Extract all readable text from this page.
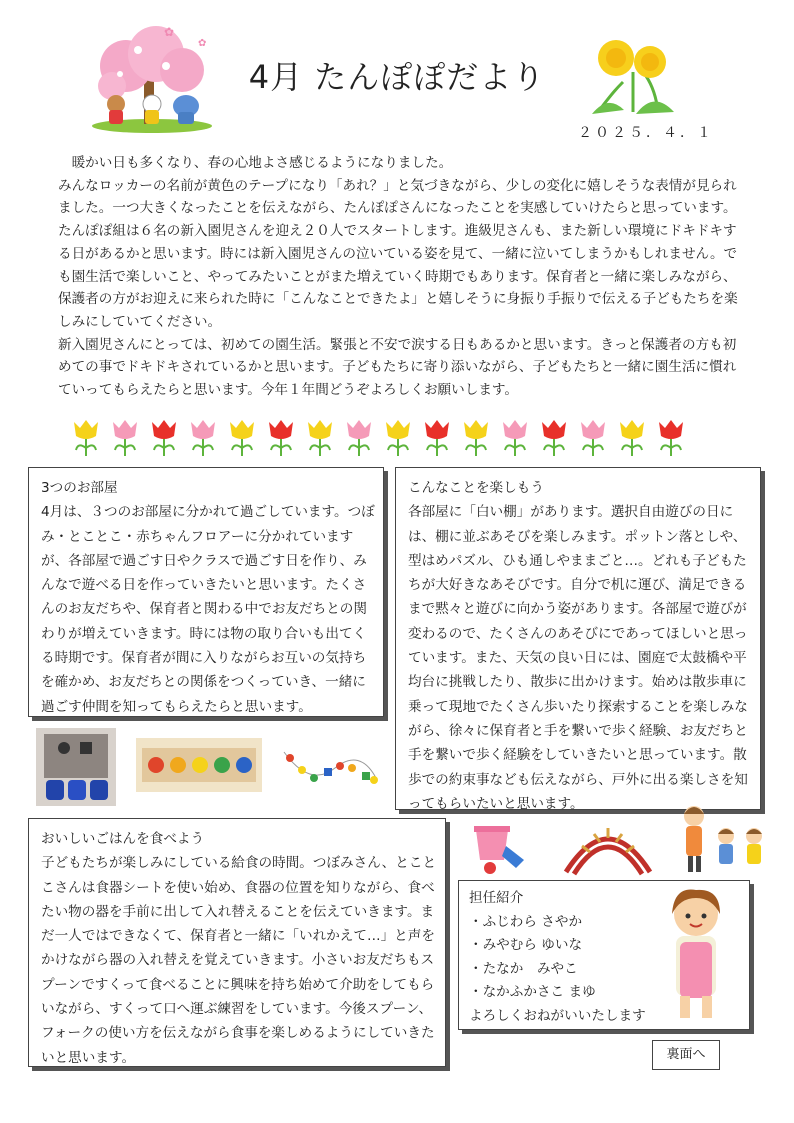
✿
✿
4月 たんぽぽだより
２０２５．４．１

　暖かい日も多くなり、春の心地よさ感じるようになりました。
みんなロッカーの名前が黄色のテープになり「あれ？」と気づきながら、少しの変化に嬉しそうな表情が見られました。一つ大きくなったことを伝えながら、たんぽぽさんになったことを実感していけたらと思っています。たんぽぽ組は６名の新入園児さんを迎え２０人でスタートします。進級児さんも、また新しい環境にドキドキする日があるかと思います。時には新入園児さんの泣いている姿を見て、一緒に泣いてしまうかもしれません。でも園生活で楽しいこと、やってみたいことがまた増えていく時期でもあります。保育者と一緒に楽しみながら、保護者の方がお迎えに来られた時に「こんなことできたよ」と嬉しそうに身振り手振りで伝える子どもたちを楽しみにしていてください。

新入園児さんにとっては、初めての園生活。緊張と不安で涙する日もあるかと思います。きっと保護者の方も初めての事でドキドキされているかと思います。子どもたちに寄り添いながら、子どもたちと一緒に園生活に慣れていってもらえたらと思います。今年１年間どうぞよろしくお願いします。

3つのお部屋

4月は、３つのお部屋に分かれて過ごしています。つぼみ・とことこ・赤ちゃんフロアーに分かれていますが、各部屋で過ごす日やクラスで過ごす日を作り、みんなで遊べる日を作っていきたいと思います。たくさんのお友だちや、保育者と関わる中でお友だちとの関わりが増えていきます。時には物の取り合いも出てくる時期です。保育者が間に入りながらお互いの気持ちを確かめ、お友だちとの関係をつくっていき、一緒に過ごす仲間を知ってもらえたらと思います。

こんなことを楽しもう

各部屋に「白い棚」があります。選択自由遊びの日には、棚に並ぶあそびを楽しみます。ポットン落としや、型はめパズル、ひも通しやままごと…。どれも子どもたちが大好きなあそびです。自分で机に運び、満足できるまで黙々と遊びに向かう姿があります。各部屋で遊びが変わるので、たくさんのあそびにであってほしいと思っています。また、天気の良い日には、園庭で太鼓橋や平均台に挑戦したり、散歩に出かけます。始めは散歩車に乗って現地でたくさん歩いたり探索することを楽しみながら、徐々に保育者と手を繋いで歩く経験、お友だちと手を繋いで歩く経験をしていきたいと思っています。散歩での約束事なども伝えながら、戸外に出る楽しさを知ってもらいたいと思います。

おいしいごはんを食べよう

子どもたちが楽しみにしている給食の時間。つぼみさん、とことこさんは食器シートを使い始め、食器の位置を知りながら、食べたい物の器を手前に出して入れ替えることを伝えていきます。まだ一人ではできなくて、保育者と一緒に「いれかえて…」と声をかけながら器の入れ替えを覚えていきます。小さいお友だちもスプーンですくって食べることに興味を持ち始めて介助をしてもらいながら、すくって口へ運ぶ練習をしています。今後スプーン、フォークの使い方を伝えながら食事を楽しめるようにしていきたいと思います。

担任紹介
・ふじわら さやか
・みやむら ゆいな
・たなか　みやこ
・なかふかさこ まゆ
よろしくおねがいいたします
裏面へ
